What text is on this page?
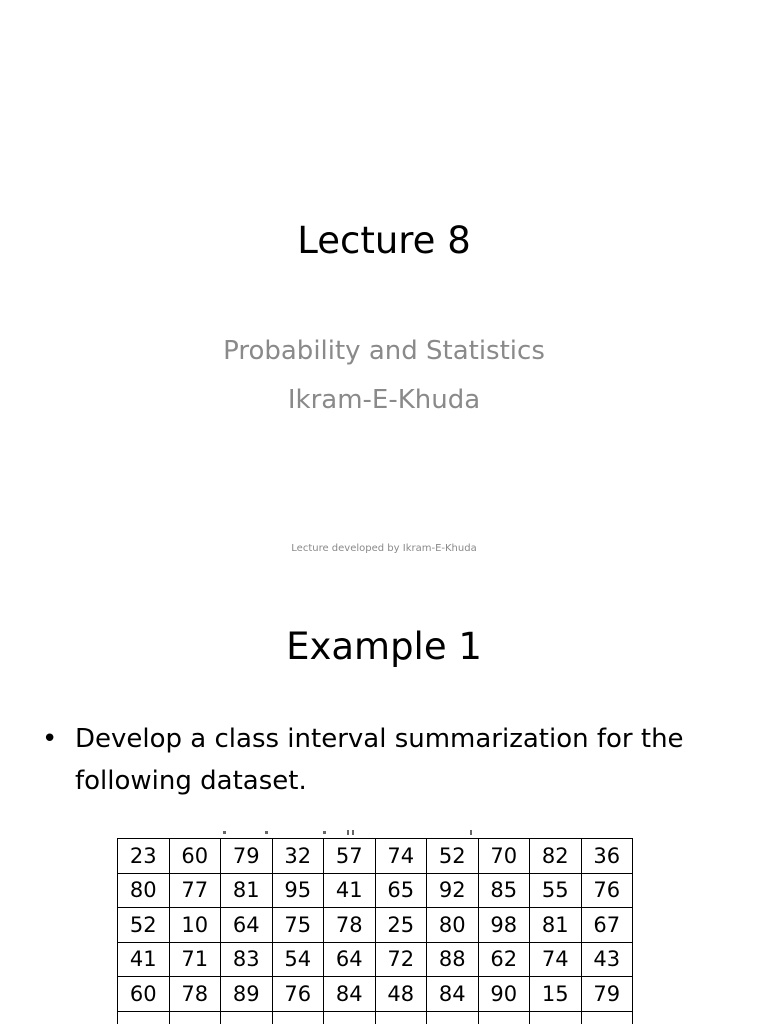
Lecture 8
Probability and Statistics
Ikram-E-Khuda
Lecture developed by Ikram-E-Khuda
Example 1
• Develop a class interval summarization for the following dataset.
23	60	79	32	57	74	52	70	82	36
80	77	81	95	41	65	92	85	55	76
52	10	64	75	78	25	80	98	81	67
41	71	83	54	64	72	88	62	74	43
60	78	89	76	84	48	84	90	15	79
